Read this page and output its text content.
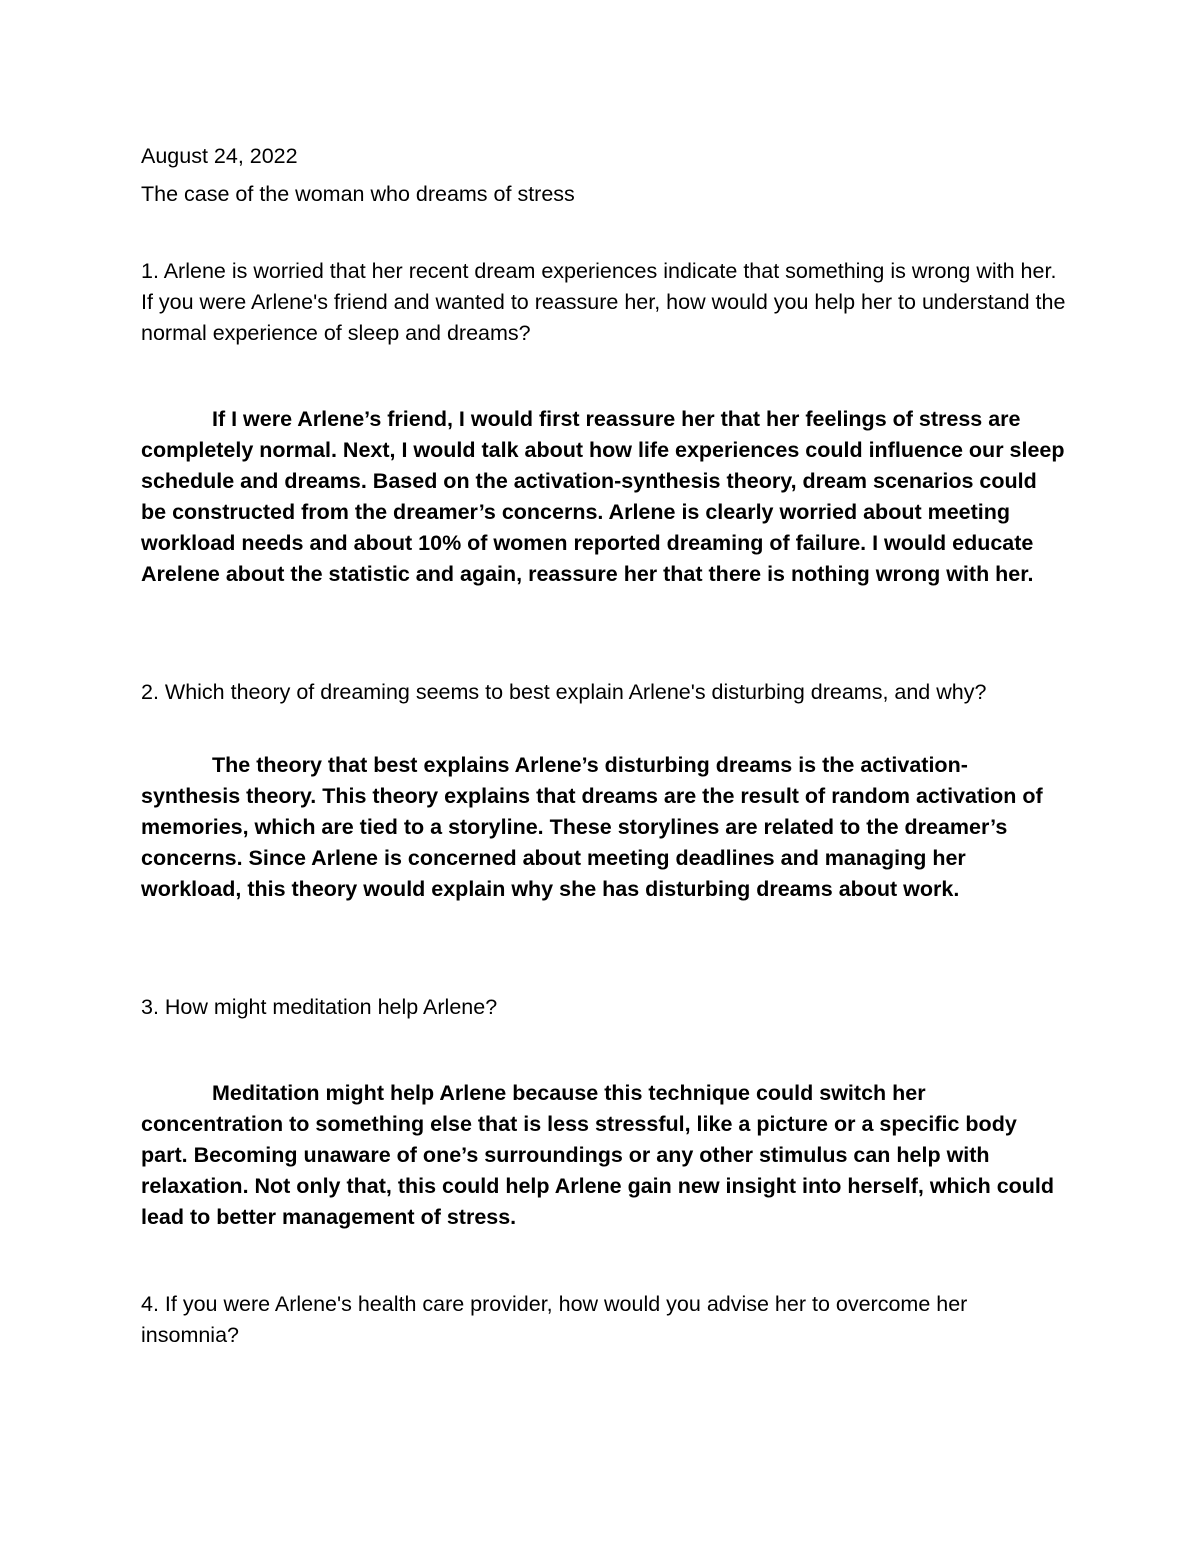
August 24, 2022

The case of the woman who dreams of stress

1. Arlene is worried that her recent dream experiences indicate that something is wrong with her. If you were Arlene's friend and wanted to reassure her, how would you help her to understand the normal experience of sleep and dreams?

If I were Arlene’s friend, I would first reassure her that her feelings of stress are completely normal. Next, I would talk about how life experiences could influence our sleep schedule and dreams. Based on the activation-synthesis theory, dream scenarios could be constructed from the dreamer’s concerns. Arlene is clearly worried about meeting workload needs and about 10% of women reported dreaming of failure. I would educate Arelene about the statistic and again, reassure her that there is nothing wrong with her.

2. Which theory of dreaming seems to best explain Arlene's disturbing dreams, and why?

The theory that best explains Arlene’s disturbing dreams is the activation-synthesis theory. This theory explains that dreams are the result of random activation of memories, which are tied to a storyline. These storylines are related to the dreamer’s concerns. Since Arlene is concerned about meeting deadlines and managing her workload, this theory would explain why she has disturbing dreams about work.

3. How might meditation help Arlene?

Meditation might help Arlene because this technique could switch her concentration to something else that is less stressful, like a picture or a specific body part. Becoming unaware of one’s surroundings or any other stimulus can help with relaxation. Not only that, this could help Arlene gain new insight into herself, which could lead to better management of stress.

4. If you were Arlene's health care provider, how would you advise her to overcome her insomnia?
